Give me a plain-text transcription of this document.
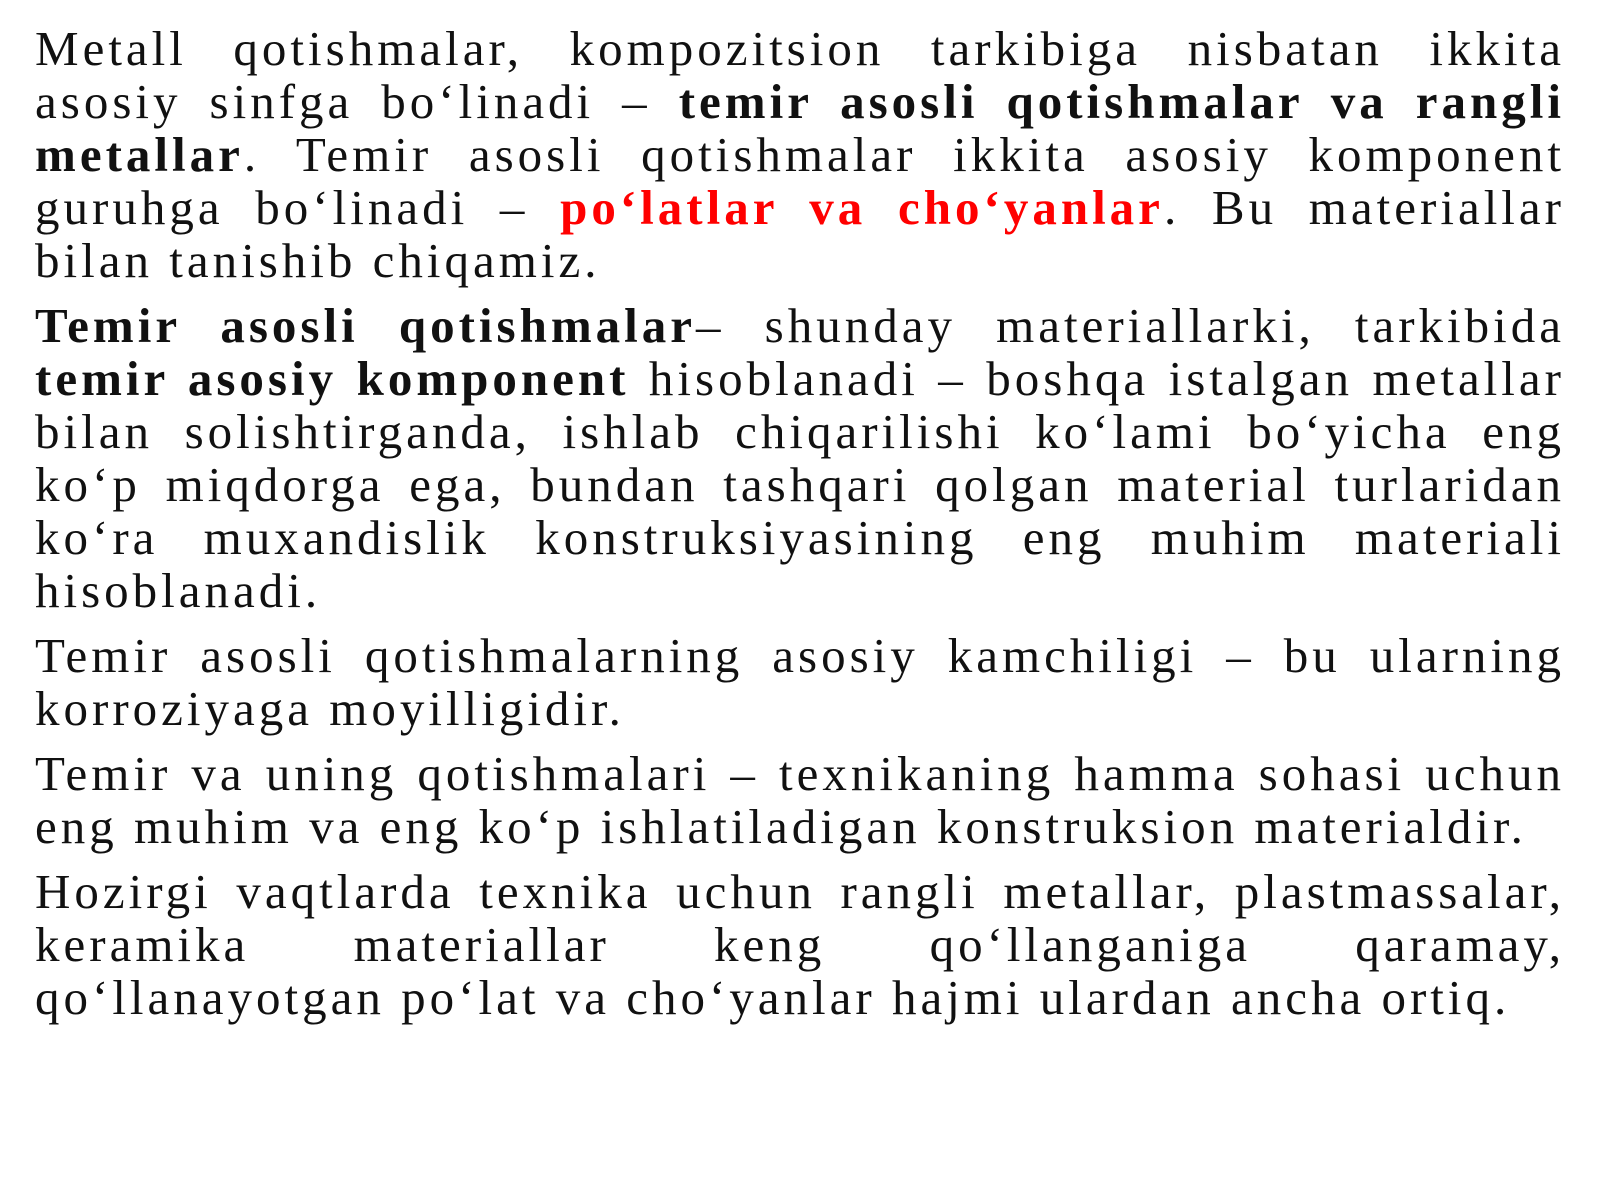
Metall qotishmalar, kompozitsion tarkibiga nisbatan ikkita asosiy sinfga bo‘linadi – temir asosli qotishmalar va rangli metallar. Temir asosli qotishmalar ikkita asosiy komponent guruhga bo‘linadi – po‘latlar va cho‘yanlar. Bu materiallar bilan tanishib chiqamiz.

Temir asosli qotishmalar– shunday materiallarki, tarkibida temir asosiy komponent hisoblanadi – boshqa istalgan metallar bilan solishtirganda, ishlab chiqarilishi ko‘lami bo‘yicha eng ko‘p miqdorga ega, bundan tashqari qolgan material turlaridan ko‘ra muxandislik konstruksiyasining eng muhim materiali hisoblanadi.

Temir asosli qotishmalarning asosiy kamchiligi – bu ularning korroziyaga moyilligidir.

Temir va uning qotishmalari – texnikaning hamma sohasi uchun eng muhim va eng ko‘p ishlatiladigan konstruksion materialdir.

Hozirgi vaqtlarda texnika uchun rangli metallar, plastmassalar, keramika materiallar keng qo‘llanganiga qaramay, qo‘llanayotgan po‘lat va cho‘yanlar hajmi ulardan ancha ortiq.
